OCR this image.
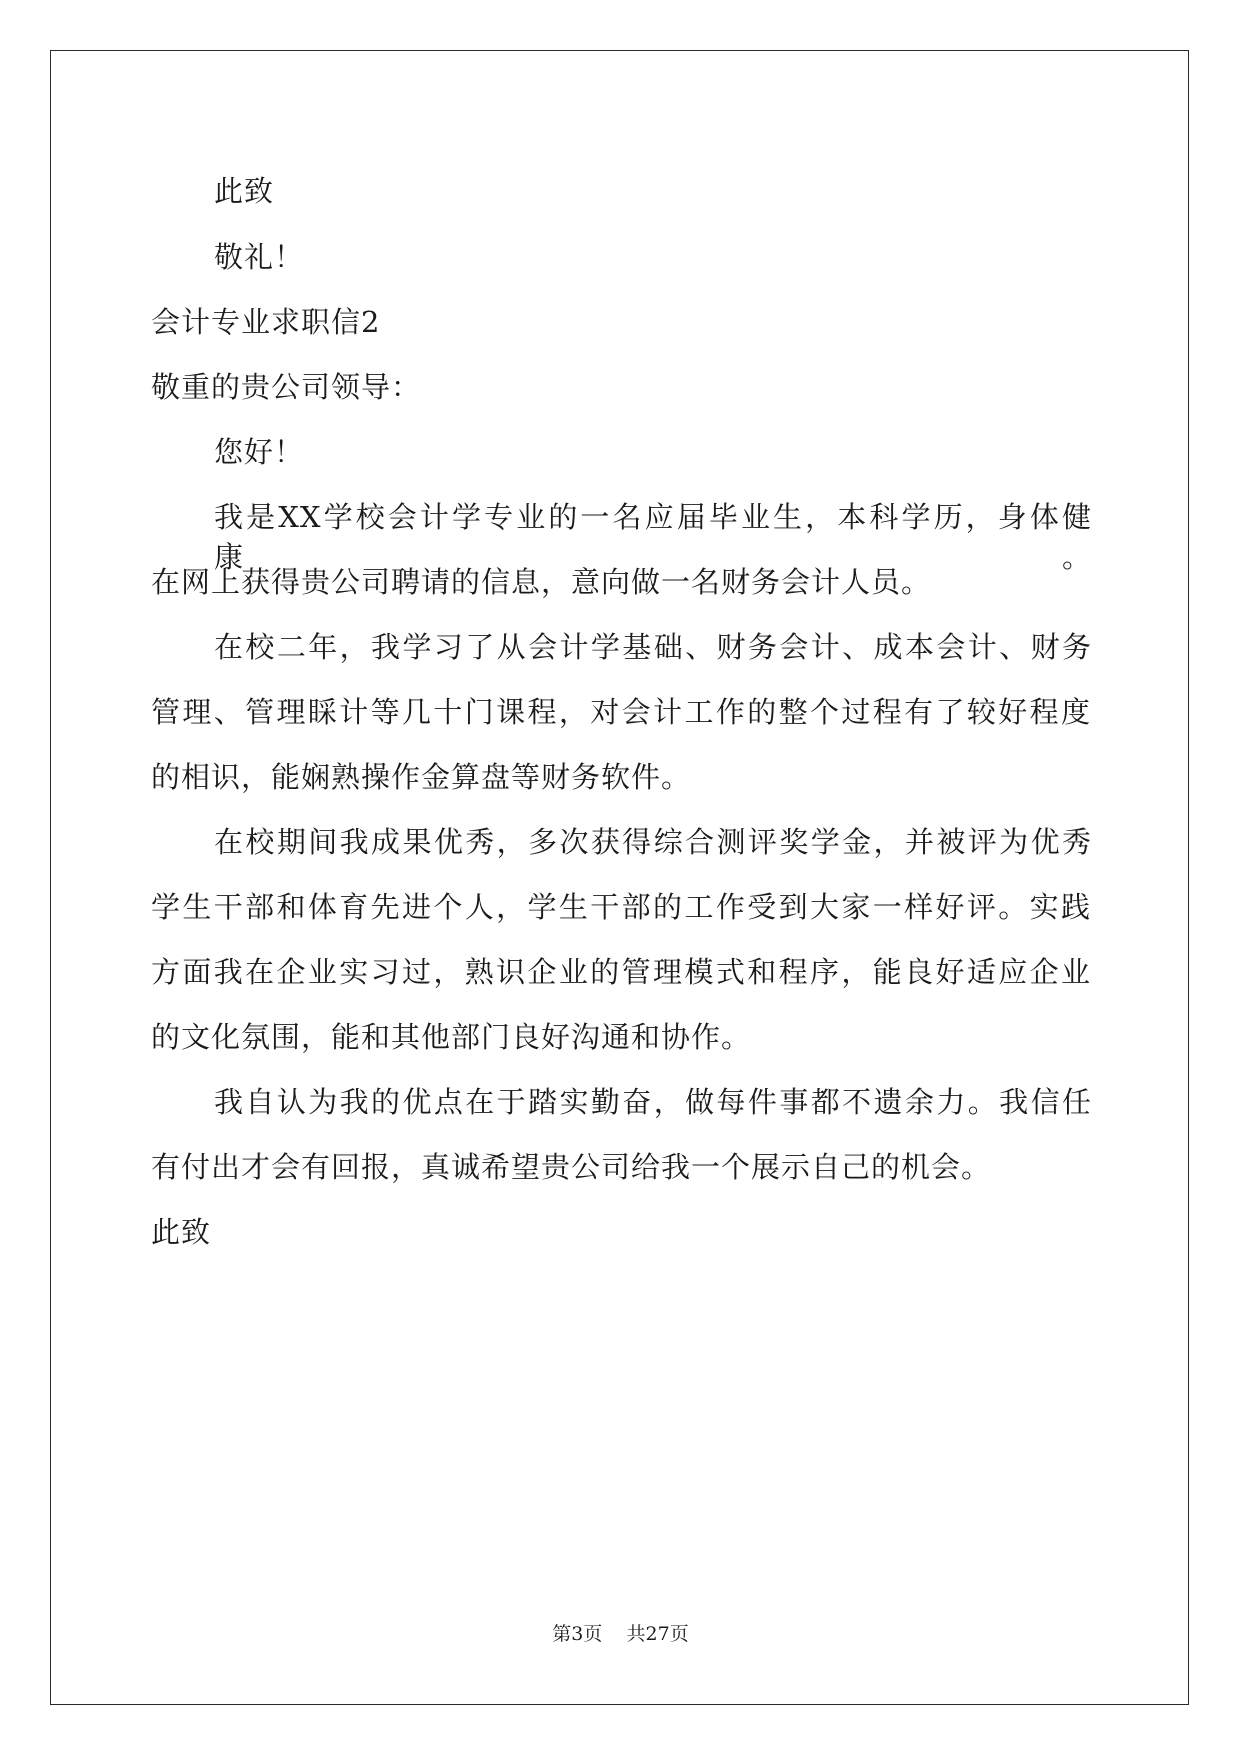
此致
敬礼！
会计专业求职信2
敬重的贵公司领导：
您好！
我是XX学校会计学专业的一名应届毕业生，本科学历，身体健康。
在网上获得贵公司聘请的信息，意向做一名财务会计人员。
在校二年，我学习了从会计学基础、财务会计、成本会计、财务
管理、管理睬计等几十门课程，对会计工作的整个过程有了较好程度
的相识，能娴熟操作金算盘等财务软件。
在校期间我成果优秀，多次获得综合测评奖学金，并被评为优秀
学生干部和体育先进个人，学生干部的工作受到大家一样好评。实践
方面我在企业实习过，熟识企业的管理模式和程序，能良好适应企业
的文化氛围，能和其他部门良好沟通和协作。
我自认为我的优点在于踏实勤奋，做每件事都不遗余力。我信任
有付出才会有回报，真诚希望贵公司给我一个展示自己的机会。
此致
第3页    共27页
